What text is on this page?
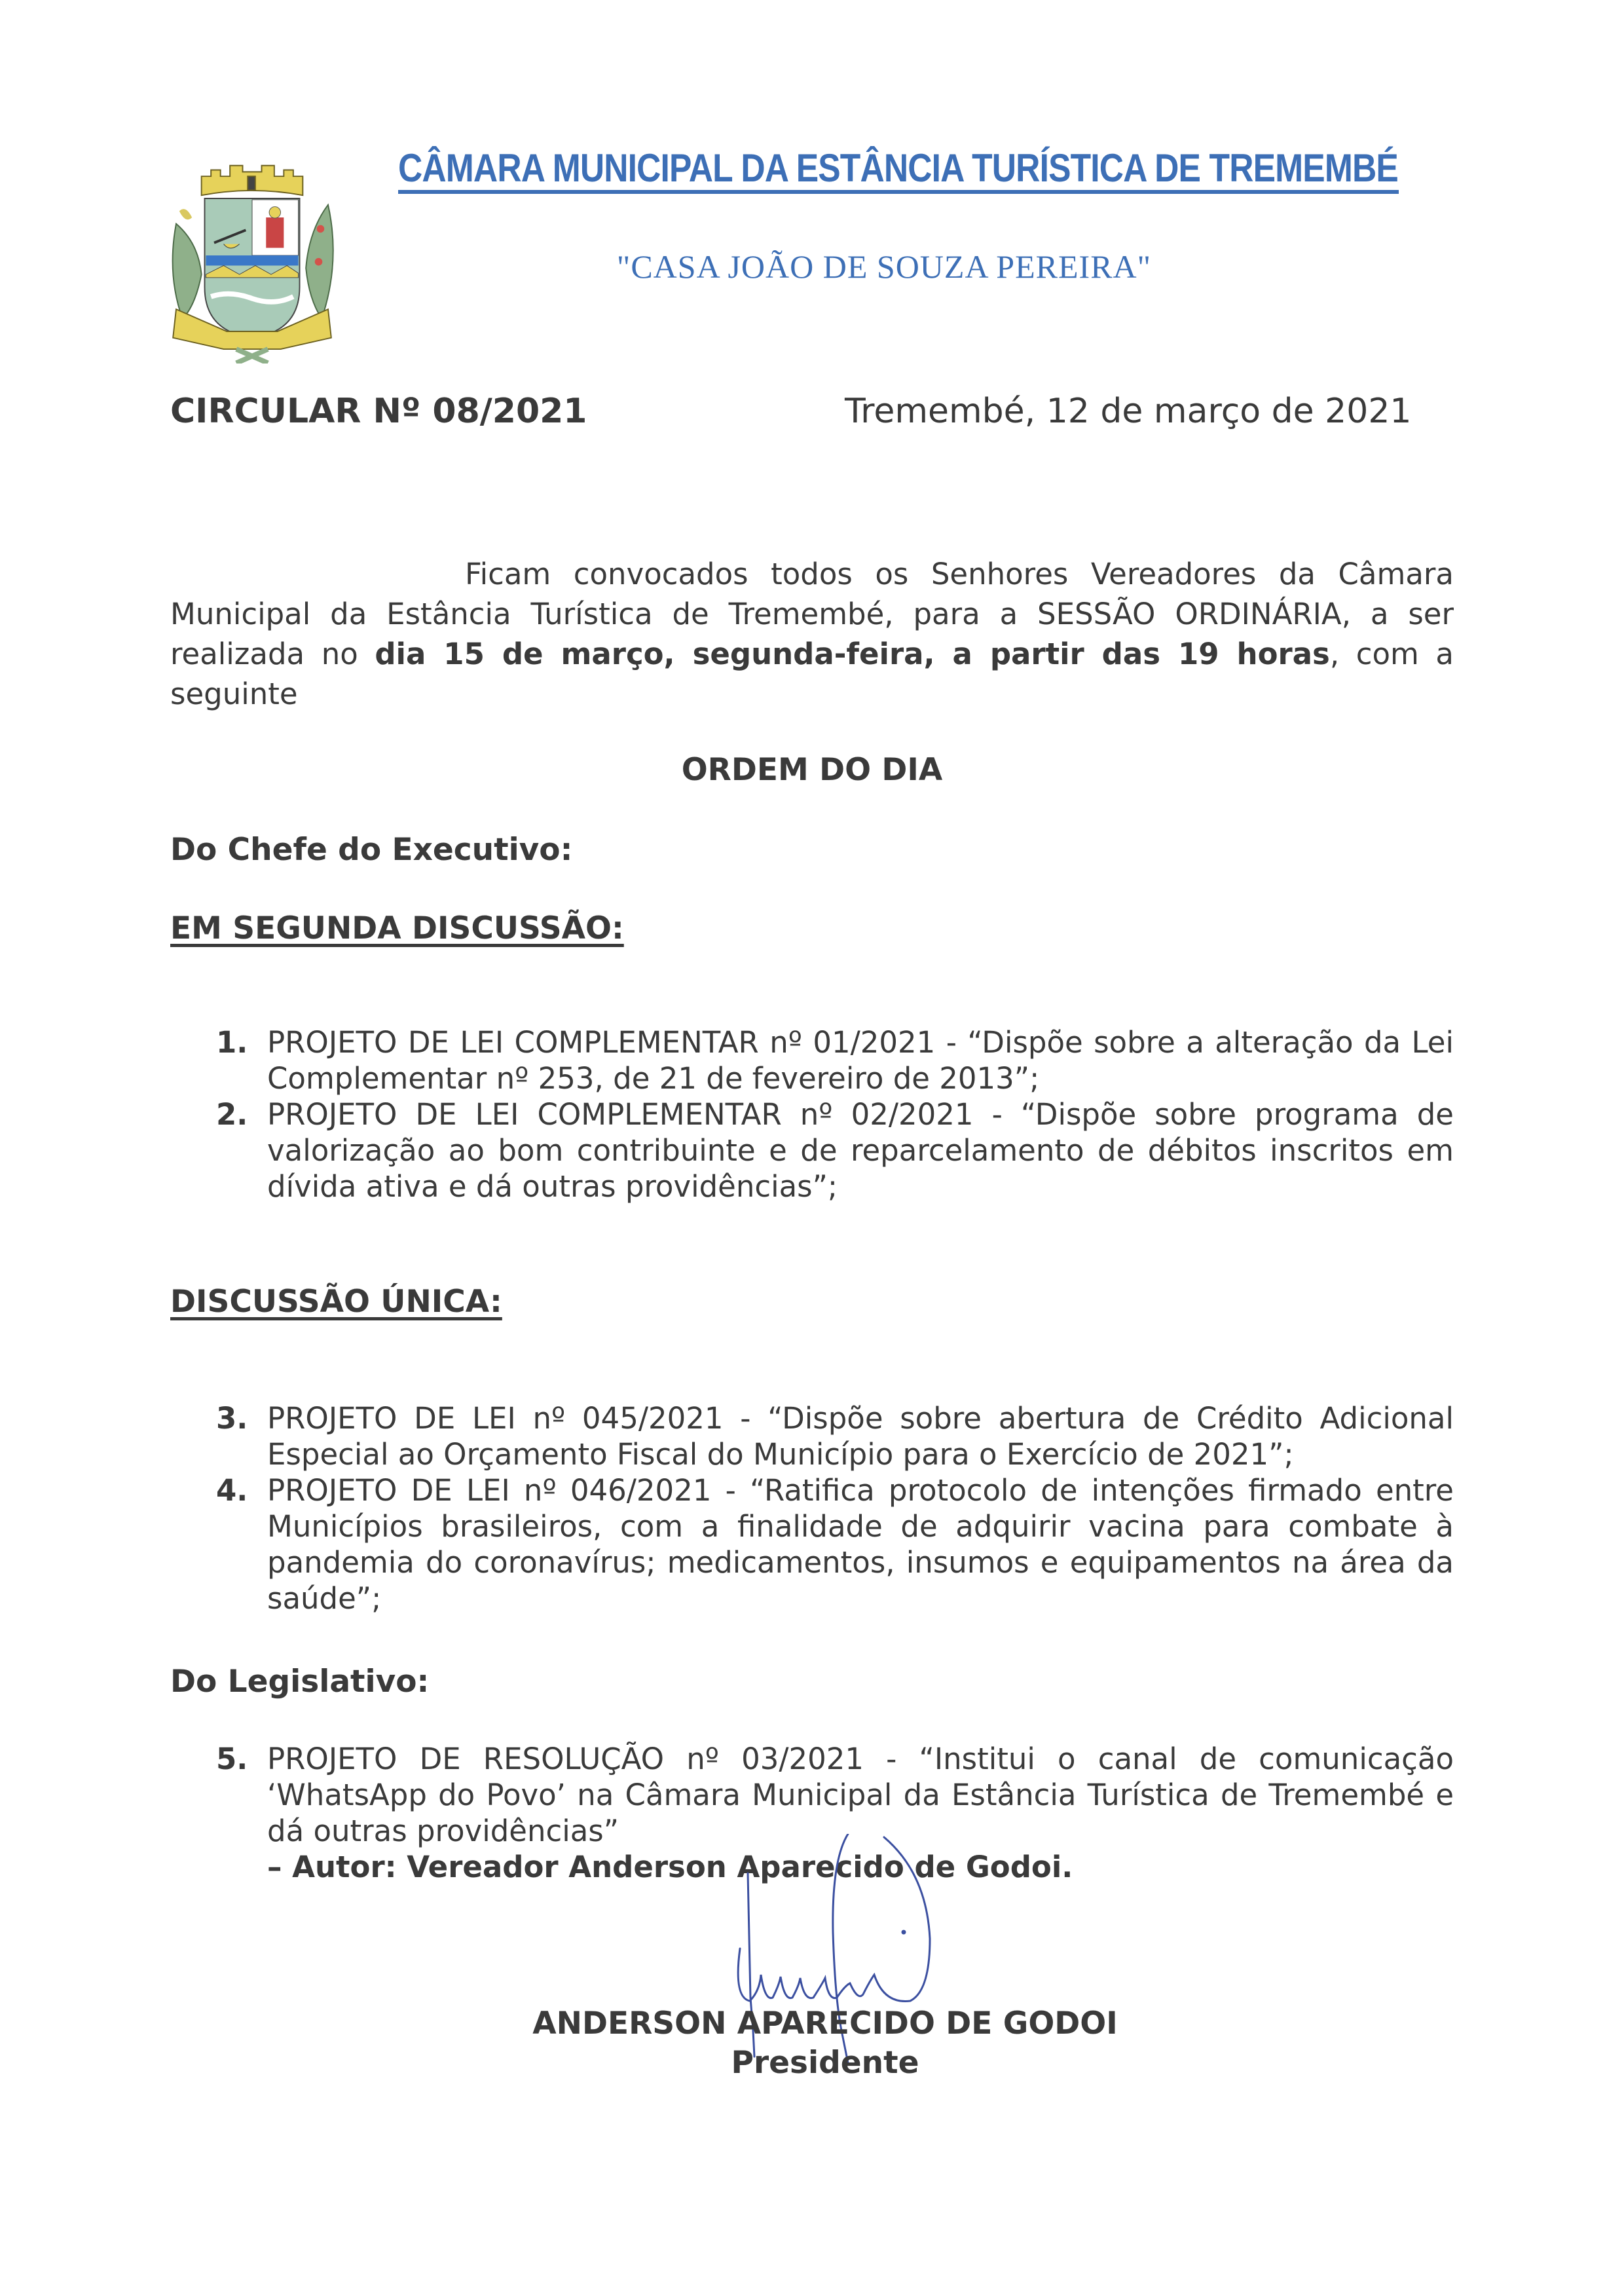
CÂMARA MUNICIPAL DA ESTÂNCIA TURÍSTICA DE TREMEMBÉ
"CASA JOÃO DE SOUZA PEREIRA"
CIRCULAR Nº 08/2021	Tremembé, 12 de março de 2021

Ficam convocados todos os Senhores Vereadores da Câmara Municipal da Estância Turística de Tremembé, para a SESSÃO ORDINÁRIA, a ser realizada no dia 15 de março, segunda-feira, a partir das 19 horas, com a seguinte

ORDEM DO DIA
Do Chefe do Executivo:
EM SEGUNDA DISCUSSÃO:
1. PROJETO DE LEI COMPLEMENTAR nº 01/2021 - “Dispõe sobre a alteração da Lei Complementar nº 253, de 21 de fevereiro de 2013”;
2. PROJETO DE LEI COMPLEMENTAR nº 02/2021 - “Dispõe sobre programa de valorização ao bom contribuinte e de reparcelamento de débitos inscritos em dívida ativa e dá outras providências”;
DISCUSSÃO ÚNICA:
3. PROJETO DE LEI nº 045/2021 - “Dispõe sobre abertura de Crédito Adicional Especial ao Orçamento Fiscal do Município para o Exercício de 2021”;
4. PROJETO DE LEI nº 046/2021 - “Ratifica protocolo de intenções firmado entre Municípios brasileiros, com a finalidade de adquirir vacina para combate à pandemia do coronavírus; medicamentos, insumos e equipamentos na área da saúde”;
Do Legislativo:
5. PROJETO DE RESOLUÇÃO nº 03/2021 - “Institui o canal de comunicação ‘WhatsApp do Povo’ na Câmara Municipal da Estância Turística de Tremembé e dá outras providências”
– Autor: Vereador Anderson Aparecido de Godoi.
ANDERSON APARECIDO DE GODOI
Presidente
